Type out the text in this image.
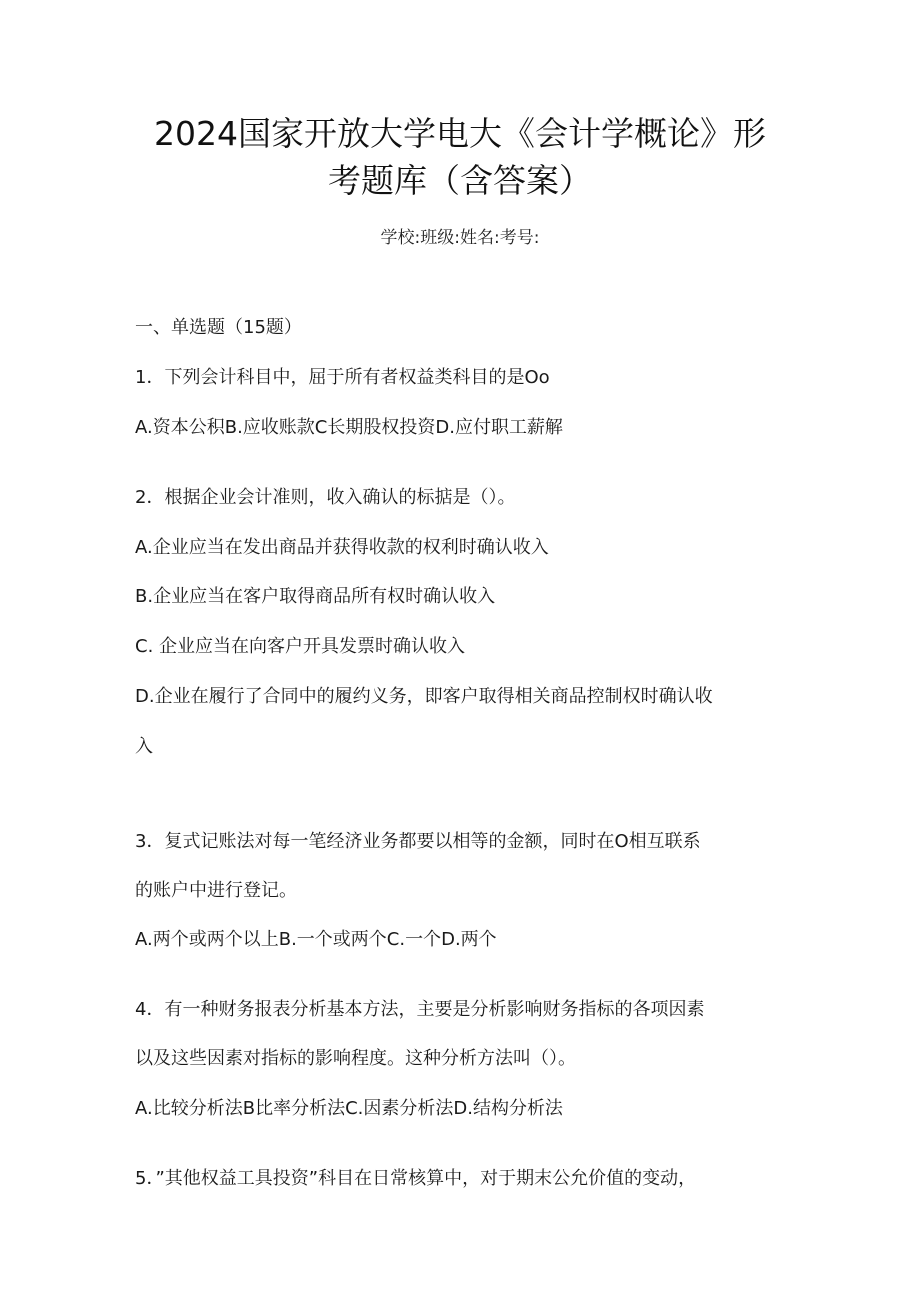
2024国家开放大学电大《会计学概论》形
考题库（含答案）
学校:班级:姓名:考号:
一、单选题（15题）
1．下列会计科目中，屈于所有者权益类科目的是Oo
A.资本公积B.应收账款C长期股权投资D.应付职工薪解
2．根据企业会计准则，收入确认的标掂是（）。
A.企业应当在发出商品并获得收款的权利时确认收入
B.企业应当在客户取得商品所有权时确认收入
C. 企业应当在向客户开具发票时确认收入
D.企业在履行了合同中的履约义务，即客户取得相关商品控制权时确认收
入
3．复式记账法对每一笔经济业务都要以相等的金额，同时在O相互联系
的账户中进行登记。
A.两个或两个以上B.一个或两个C.一个D.两个
4．有一种财务报表分析基本方法，主要是分析影响财务指标的各项因素
以及这些因素对指标的影响程度。这种分析方法叫（）。
A.比较分析法B比率分析法C.因素分析法D.结构分析法
5．”其他权益工具投资”科目在日常核算中，对于期末公允价值的变动，
